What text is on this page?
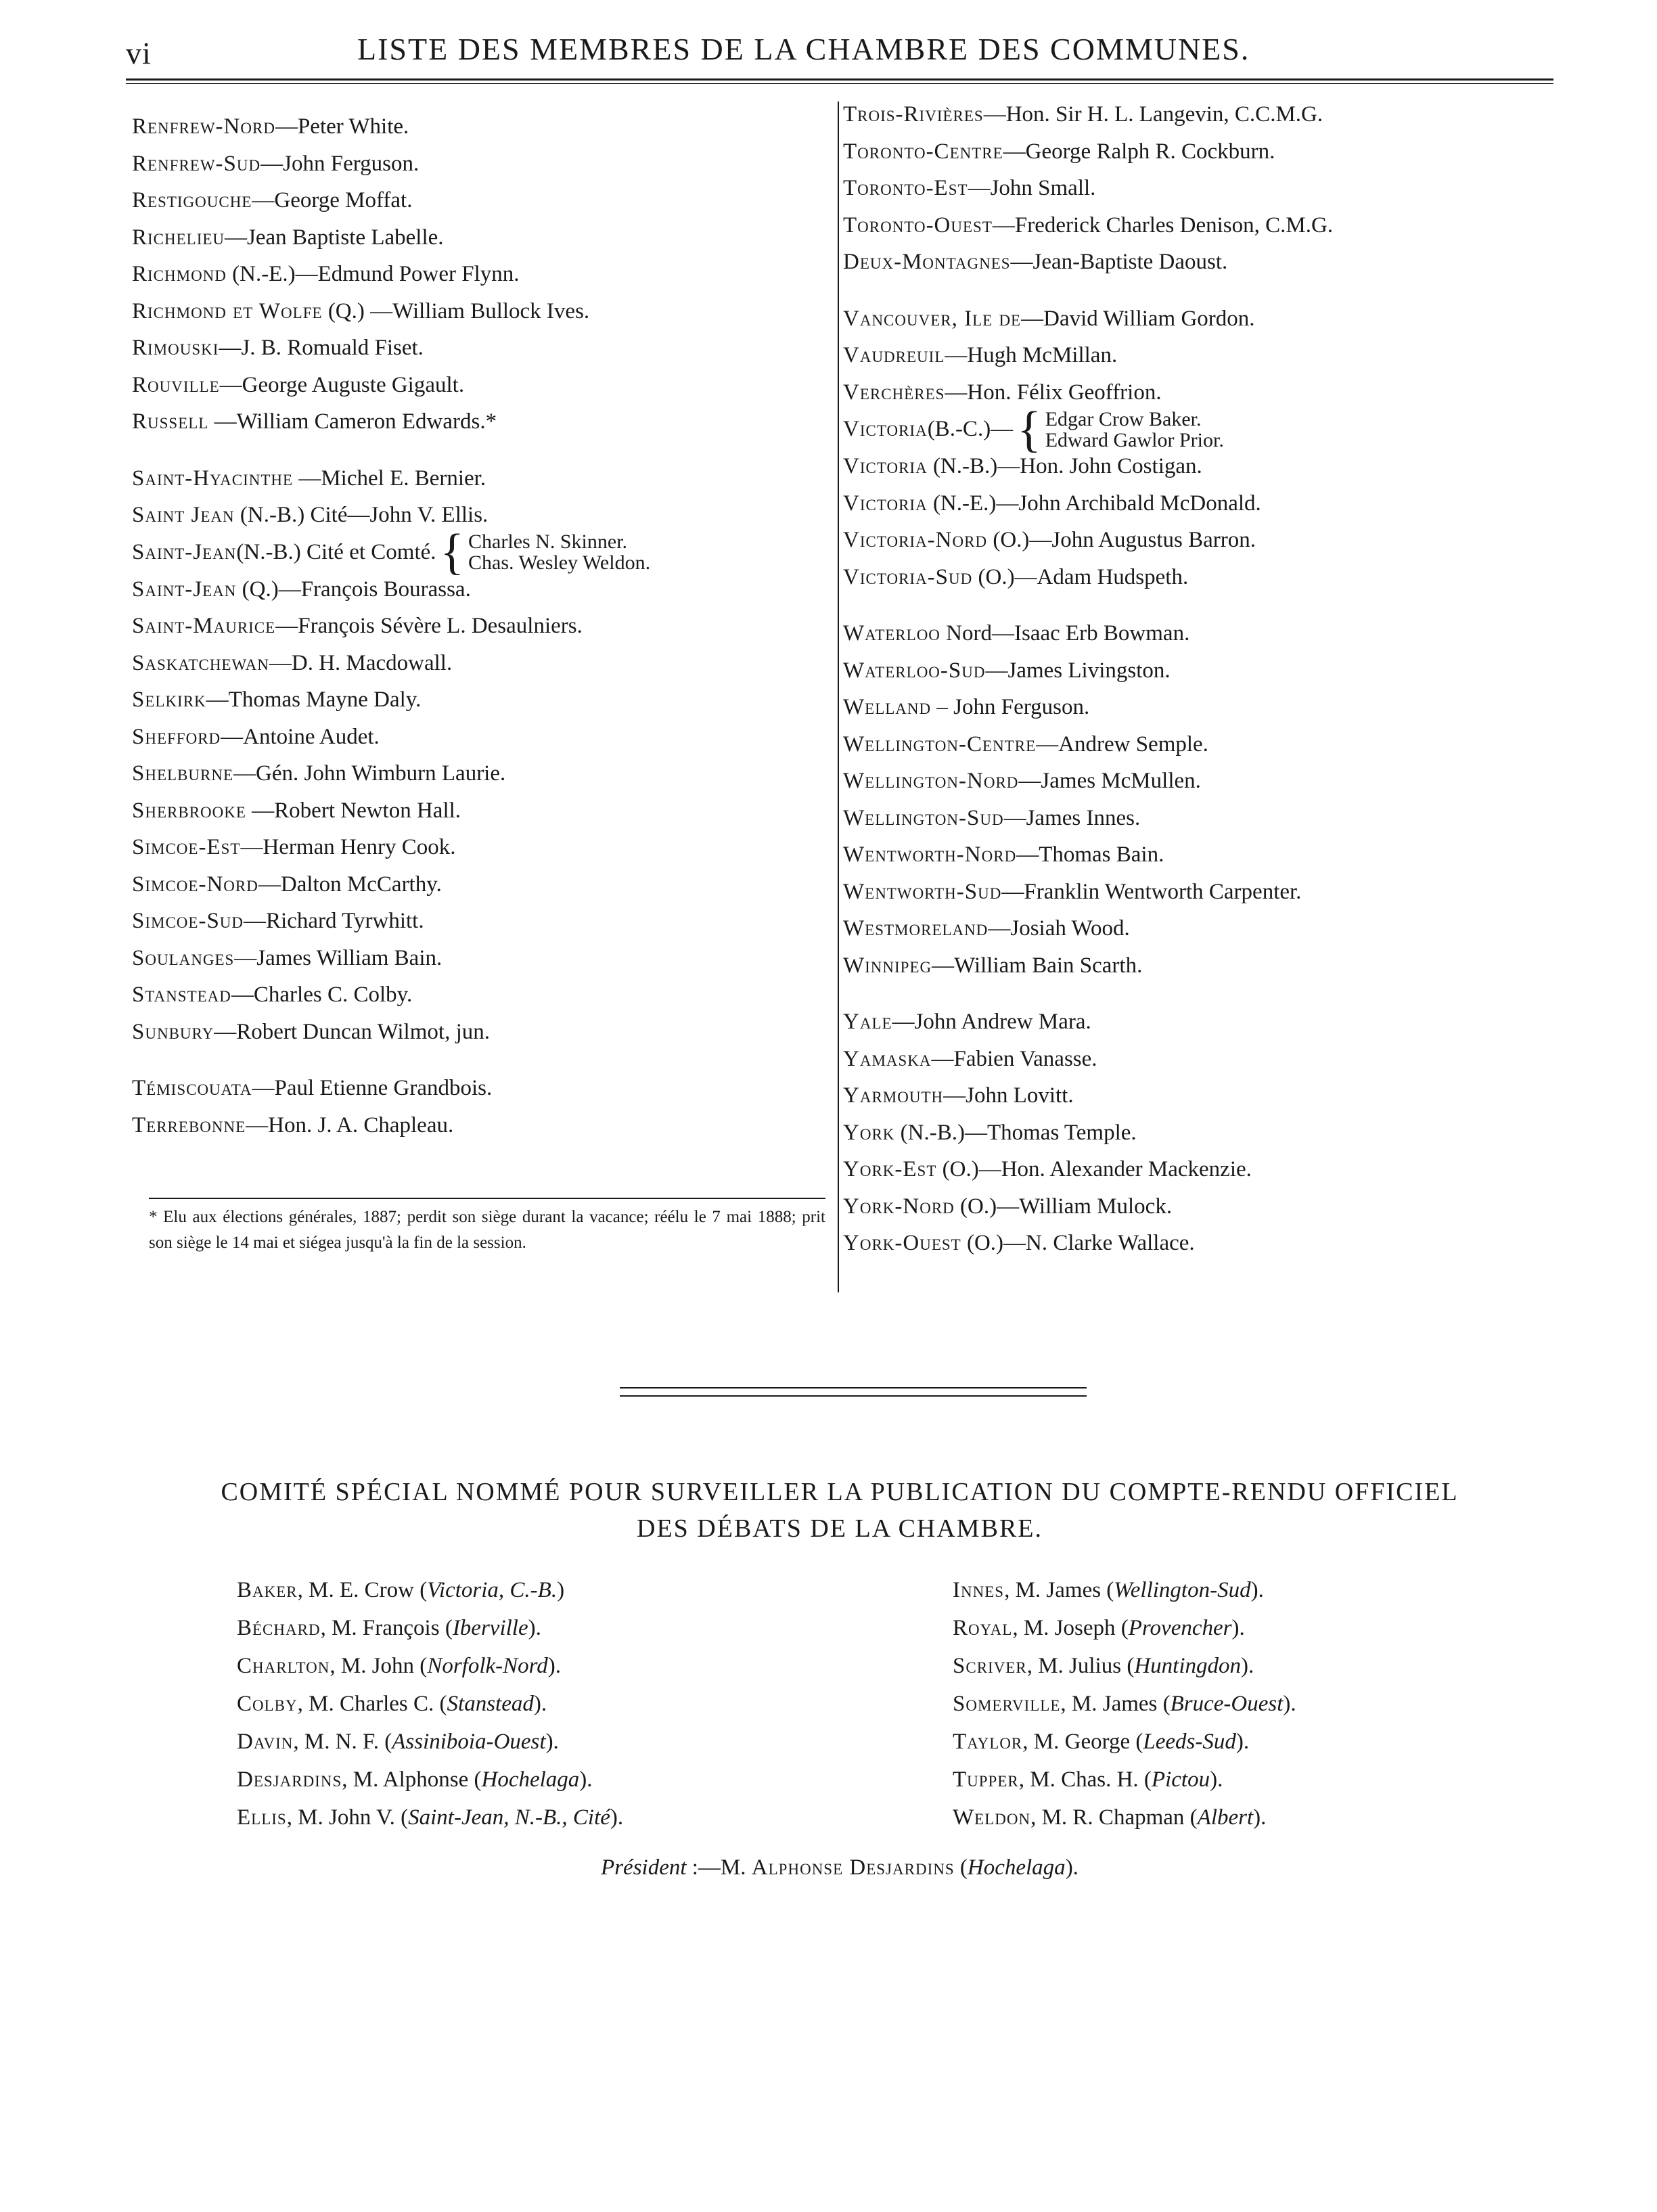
vi	LISTE DES MEMBRES DE LA CHAMBRE DES COMMUNES.
Renfrew-Nord—Peter White.
Renfrew-Sud—John Ferguson.
Restigouche—George Moffat.
Richelieu—Jean Baptiste Labelle.
Richmond (N.-E.)—Edmund Power Flynn.
Richmond et Wolfe (Q.) —William Bullock Ives.
Rimouski—J. B. Romuald Fiset.
Rouville—George Auguste Gigault.
Russell —William Cameron Edwards.*
Saint-Hyacinthe —Michel E. Bernier.
Saint Jean (N.-B.) Cité—John V. Ellis.
Saint-Jean (N.-B.) Cité et Comté. { Charles N. Skinner.
Chas. Wesley Weldon.
Saint-Jean (Q.)—François Bourassa.
Saint-Maurice—François Sévère L. Desaulniers.
Saskatchewan—D. H. Macdowall.
Selkirk—Thomas Mayne Daly.
Shefford—Antoine Audet.
Shelburne—Gén. John Wimburn Laurie.
Sherbrooke —Robert Newton Hall.
Simcoe-Est—Herman Henry Cook.
Simcoe-Nord—Dalton McCarthy.
Simcoe-Sud—Richard Tyrwhitt.
Soulanges—James William Bain.
Stanstead—Charles C. Colby.
Sunbury—Robert Duncan Wilmot, jun.
Témiscouata—Paul Etienne Grandbois.
Terrebonne—Hon. J. A. Chapleau.
Trois-Rivières—Hon. Sir H. L. Langevin, C.C.M.G.
Toronto-Centre—George Ralph R. Cockburn.
Toronto-Est—John Small.
Toronto-Ouest—Frederick Charles Denison, C.M.G.
Deux-Montagnes—Jean-Baptiste Daoust.
Vancouver, Ile de—David William Gordon.
Vaudreuil—Hugh McMillan.
Verchères—Hon. Félix Geoffrion.
Victoria (B.-C.)— { Edgar Crow Baker.
Edward Gawlor Prior.
Victoria (N.-B.)—Hon. John Costigan.
Victoria (N.-E.)—John Archibald McDonald.
Victoria-Nord (O.)—John Augustus Barron.
Victoria-Sud (O.)—Adam Hudspeth.
Waterloo Nord—Isaac Erb Bowman.
Waterloo-Sud—James Livingston.
Welland – John Ferguson.
Wellington-Centre—Andrew Semple.
Wellington-Nord—James McMullen.
Wellington-Sud—James Innes.
Wentworth-Nord—Thomas Bain.
Wentworth-Sud—Franklin Wentworth Carpenter.
Westmoreland—Josiah Wood.
Winnipeg—William Bain Scarth.
Yale—John Andrew Mara.
Yamaska—Fabien Vanasse.
Yarmouth—John Lovitt.
York (N.-B.)—Thomas Temple.
York-Est (O.)—Hon. Alexander Mackenzie.
York-Nord (O.)—William Mulock.
York-Ouest (O.)—N. Clarke Wallace.
* Elu aux élections générales, 1887; perdit son siège durant la vacance; réélu le 7 mai 1888; prit son siège le 14 mai et siégea jusqu'à la fin de la session.
COMITÉ SPÉCIAL NOMMÉ POUR SURVEILLER LA PUBLICATION DU COMPTE-RENDU OFFICIEL
DES DÉBATS DE LA CHAMBRE.
Baker, M. E. Crow (Victoria, C.-B.)
Béchard, M. François (Iberville).
Charlton, M. John (Norfolk-Nord).
Colby, M. Charles C. (Stanstead).
Davin, M. N. F. (Assiniboia-Ouest).
Desjardins, M. Alphonse (Hochelaga).
Ellis, M. John V. (Saint-Jean, N.-B., Cité).
Innes, M. James (Wellington-Sud).
Royal, M. Joseph (Provencher).
Scriver, M. Julius (Huntingdon).
Somerville, M. James (Bruce-Ouest).
Taylor, M. George (Leeds-Sud).
Tupper, M. Chas. H. (Pictou).
Weldon, M. R. Chapman (Albert).
Président :—M. Alphonse Desjardins (Hochelaga).
